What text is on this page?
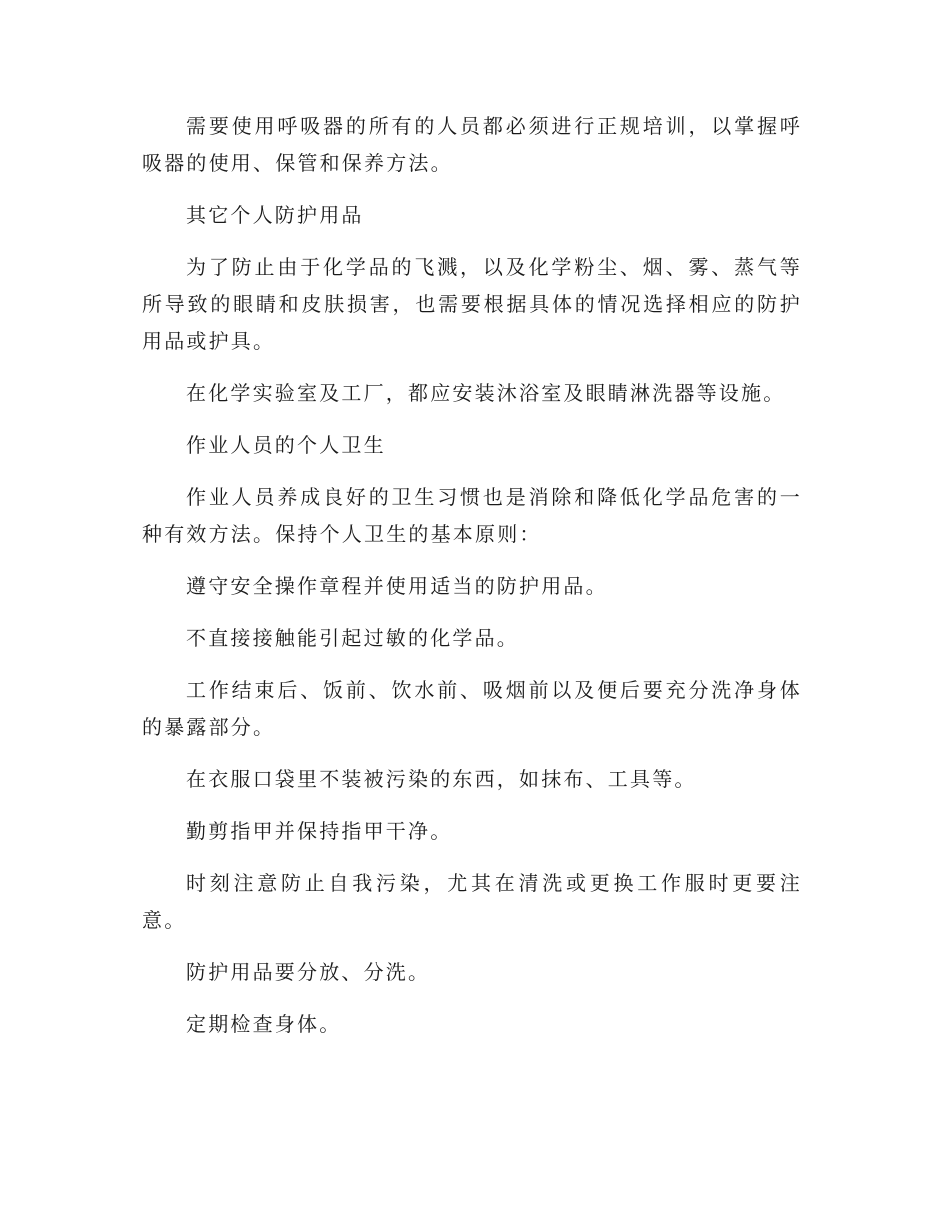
需要使用呼吸器的所有的人员都必须进行正规培训，以掌握呼吸器的使用、保管和保养方法。

其它个人防护用品

为了防止由于化学品的飞溅，以及化学粉尘、烟、雾、蒸气等所导致的眼睛和皮肤损害，也需要根据具体的情况选择相应的防护用品或护具。

在化学实验室及工厂，都应安装沐浴室及眼睛淋洗器等设施。

作业人员的个人卫生

作业人员养成良好的卫生习惯也是消除和降低化学品危害的一种有效方法。保持个人卫生的基本原则：

遵守安全操作章程并使用适当的防护用品。

不直接接触能引起过敏的化学品。

工作结束后、饭前、饮水前、吸烟前以及便后要充分洗净身体的暴露部分。

在衣服口袋里不装被污染的东西，如抹布、工具等。

勤剪指甲并保持指甲干净。

时刻注意防止自我污染，尤其在清洗或更换工作服时更要注意。

防护用品要分放、分洗。

定期检查身体。
